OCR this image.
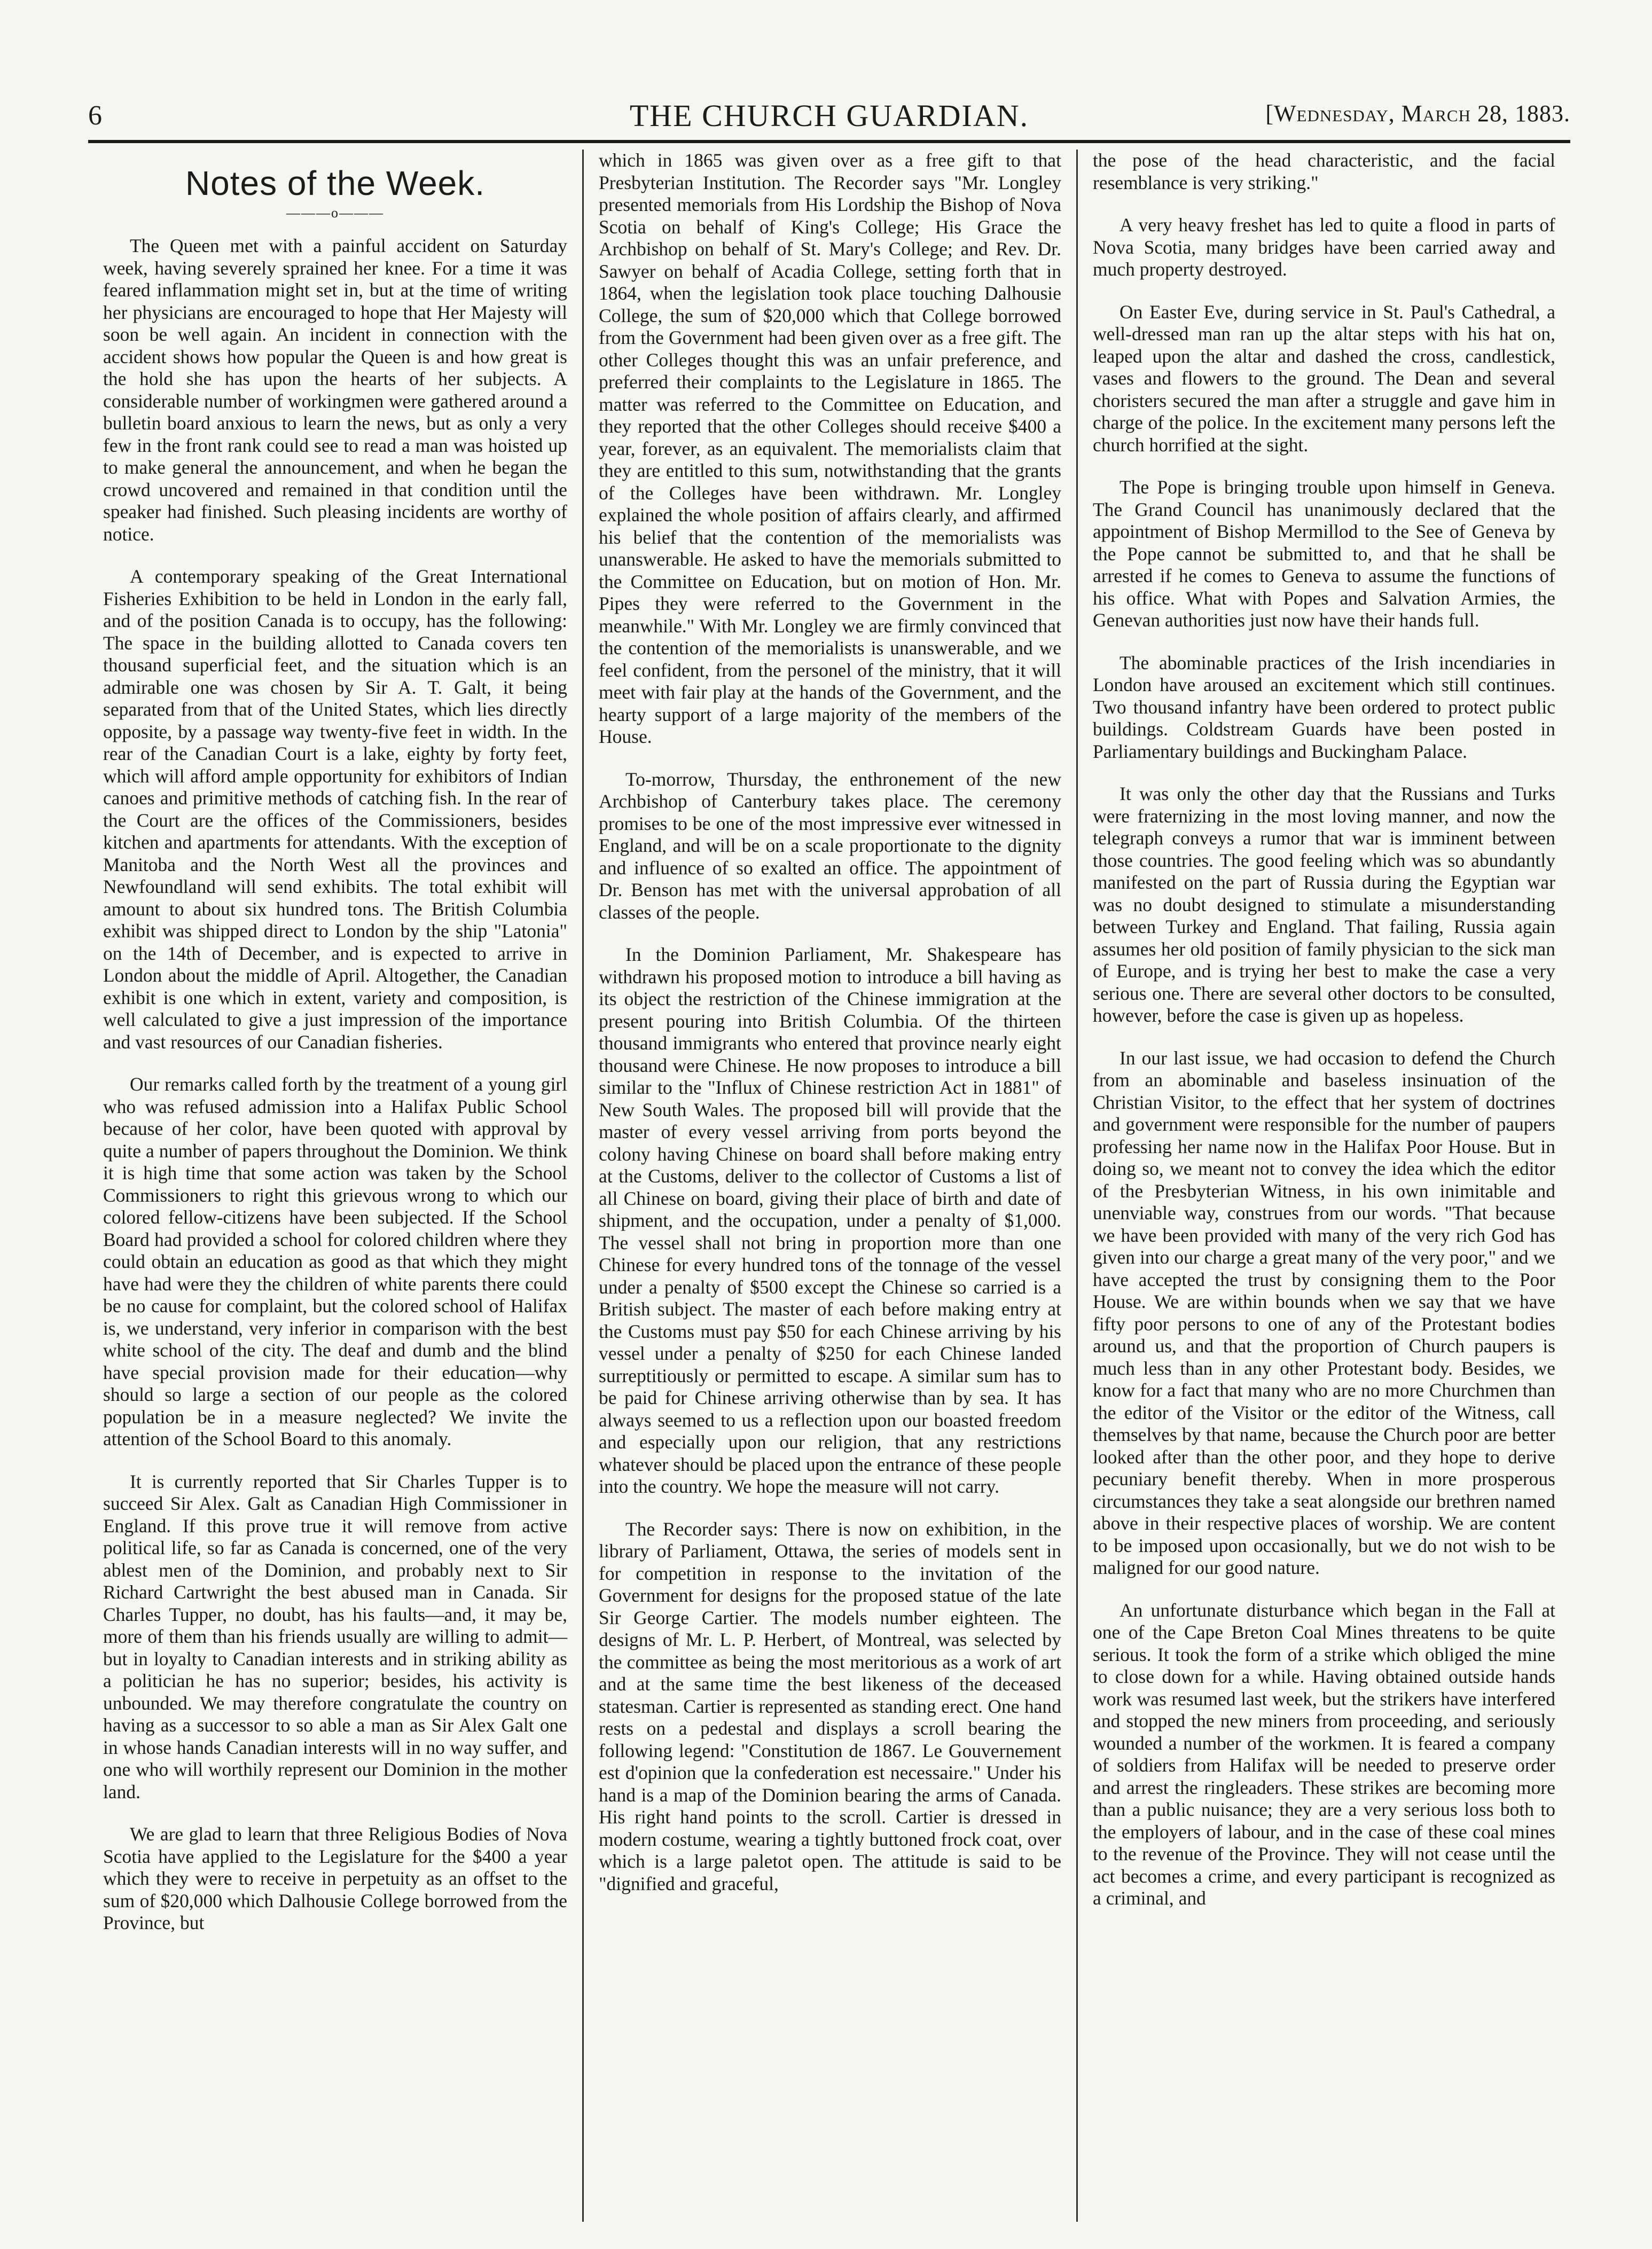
6	THE CHURCH GUARDIAN.	[Wednesday, March 28, 1883.
Notes of the Week.
———o———

The Queen met with a painful accident on Saturday week, having severely sprained her knee. For a time it was feared inflammation might set in, but at the time of writing her physicians are encouraged to hope that Her Majesty will soon be well again. An incident in connection with the accident shows how popular the Queen is and how great is the hold she has upon the hearts of her subjects. A considerable number of workingmen were gathered around a bulletin board anxious to learn the news, but as only a very few in the front rank could see to read a man was hoisted up to make general the announcement, and when he began the crowd uncovered and remained in that condition until the speaker had finished. Such pleasing incidents are worthy of notice.

A contemporary speaking of the Great International Fisheries Exhibition to be held in London in the early fall, and of the position Canada is to occupy, has the following: The space in the building allotted to Canada covers ten thousand superficial feet, and the situation which is an admirable one was chosen by Sir A. T. Galt, it being separated from that of the United States, which lies directly opposite, by a passage way twenty-five feet in width. In the rear of the Canadian Court is a lake, eighty by forty feet, which will afford ample opportunity for exhibitors of Indian canoes and primitive methods of catching fish. In the rear of the Court are the offices of the Commissioners, besides kitchen and apartments for attendants. With the exception of Manitoba and the North West all the provinces and Newfoundland will send exhibits. The total exhibit will amount to about six hundred tons. The British Columbia exhibit was shipped direct to London by the ship "Latonia" on the 14th of December, and is expected to arrive in London about the middle of April. Altogether, the Canadian exhibit is one which in extent, variety and composition, is well calculated to give a just impression of the importance and vast resources of our Canadian fisheries.

Our remarks called forth by the treatment of a young girl who was refused admission into a Halifax Public School because of her color, have been quoted with approval by quite a number of papers throughout the Dominion. We think it is high time that some action was taken by the School Commissioners to right this grievous wrong to which our colored fellow-citizens have been subjected. If the School Board had provided a school for colored children where they could obtain an education as good as that which they might have had were they the children of white parents there could be no cause for complaint, but the colored school of Halifax is, we understand, very inferior in comparison with the best white school of the city. The deaf and dumb and the blind have special provision made for their education—why should so large a section of our people as the colored population be in a measure neglected? We invite the attention of the School Board to this anomaly.

It is currently reported that Sir Charles Tupper is to succeed Sir Alex. Galt as Canadian High Commissioner in England. If this prove true it will remove from active political life, so far as Canada is concerned, one of the very ablest men of the Dominion, and probably next to Sir Richard Cartwright the best abused man in Canada. Sir Charles Tupper, no doubt, has his faults—and, it may be, more of them than his friends usually are willing to admit—but in loyalty to Canadian interests and in striking ability as a politician he has no superior; besides, his activity is unbounded. We may therefore congratulate the country on having as a successor to so able a man as Sir Alex Galt one in whose hands Canadian interests will in no way suffer, and one who will worthily represent our Dominion in the mother land.

We are glad to learn that three Religious Bodies of Nova Scotia have applied to the Legislature for the $400 a year which they were to receive in perpetuity as an offset to the sum of $20,000 which Dalhousie College borrowed from the Province, but

which in 1865 was given over as a free gift to that Presbyterian Institution. The Recorder says "Mr. Longley presented memorials from His Lordship the Bishop of Nova Scotia on behalf of King's College; His Grace the Archbishop on behalf of St. Mary's College; and Rev. Dr. Sawyer on behalf of Acadia College, setting forth that in 1864, when the legislation took place touching Dalhousie College, the sum of $20,000 which that College borrowed from the Government had been given over as a free gift. The other Colleges thought this was an unfair preference, and preferred their complaints to the Legislature in 1865. The matter was referred to the Committee on Education, and they reported that the other Colleges should receive $400 a year, forever, as an equivalent. The memorialists claim that they are entitled to this sum, notwithstanding that the grants of the Colleges have been withdrawn. Mr. Longley explained the whole position of affairs clearly, and affirmed his belief that the contention of the memorialists was unanswerable. He asked to have the memorials submitted to the Committee on Education, but on motion of Hon. Mr. Pipes they were referred to the Government in the meanwhile." With Mr. Longley we are firmly convinced that the contention of the memorialists is unanswerable, and we feel confident, from the personel of the ministry, that it will meet with fair play at the hands of the Government, and the hearty support of a large majority of the members of the House.

To-morrow, Thursday, the enthronement of the new Archbishop of Canterbury takes place. The ceremony promises to be one of the most impressive ever witnessed in England, and will be on a scale proportionate to the dignity and influence of so exalted an office. The appointment of Dr. Benson has met with the universal approbation of all classes of the people.

In the Dominion Parliament, Mr. Shakespeare has withdrawn his proposed motion to introduce a bill having as its object the restriction of the Chinese immigration at the present pouring into British Columbia. Of the thirteen thousand immigrants who entered that province nearly eight thousand were Chinese. He now proposes to introduce a bill similar to the "Influx of Chinese restriction Act in 1881" of New South Wales. The proposed bill will provide that the master of every vessel arriving from ports beyond the colony having Chinese on board shall before making entry at the Customs, deliver to the collector of Customs a list of all Chinese on board, giving their place of birth and date of shipment, and the occupation, under a penalty of $1,000. The vessel shall not bring in proportion more than one Chinese for every hundred tons of the tonnage of the vessel under a penalty of $500 except the Chinese so carried is a British subject. The master of each before making entry at the Customs must pay $50 for each Chinese arriving by his vessel under a penalty of $250 for each Chinese landed surreptitiously or permitted to escape. A similar sum has to be paid for Chinese arriving otherwise than by sea. It has always seemed to us a reflection upon our boasted freedom and especially upon our religion, that any restrictions whatever should be placed upon the entrance of these people into the country. We hope the measure will not carry.

The Recorder says: There is now on exhibition, in the library of Parliament, Ottawa, the series of models sent in for competition in response to the invitation of the Government for designs for the proposed statue of the late Sir George Cartier. The models number eighteen. The designs of Mr. L. P. Herbert, of Montreal, was selected by the committee as being the most meritorious as a work of art and at the same time the best likeness of the deceased statesman. Cartier is represented as standing erect. One hand rests on a pedestal and displays a scroll bearing the following legend: "Constitution de 1867. Le Gouvernement est d'opinion que la confederation est necessaire." Under his hand is a map of the Dominion bearing the arms of Canada. His right hand points to the scroll. Cartier is dressed in modern costume, wearing a tightly buttoned frock coat, over which is a large paletot open. The attitude is said to be "dignified and graceful,

the pose of the head characteristic, and the facial resemblance is very striking."

A very heavy freshet has led to quite a flood in parts of Nova Scotia, many bridges have been carried away and much property destroyed.

On Easter Eve, during service in St. Paul's Cathedral, a well-dressed man ran up the altar steps with his hat on, leaped upon the altar and dashed the cross, candlestick, vases and flowers to the ground. The Dean and several choristers secured the man after a struggle and gave him in charge of the police. In the excitement many persons left the church horrified at the sight.

The Pope is bringing trouble upon himself in Geneva. The Grand Council has unanimously declared that the appointment of Bishop Mermillod to the See of Geneva by the Pope cannot be submitted to, and that he shall be arrested if he comes to Geneva to assume the functions of his office. What with Popes and Salvation Armies, the Genevan authorities just now have their hands full.

The abominable practices of the Irish incendiaries in London have aroused an excitement which still continues. Two thousand infantry have been ordered to protect public buildings. Coldstream Guards have been posted in Parliamentary buildings and Buckingham Palace.

It was only the other day that the Russians and Turks were fraternizing in the most loving manner, and now the telegraph conveys a rumor that war is imminent between those countries. The good feeling which was so abundantly manifested on the part of Russia during the Egyptian war was no doubt designed to stimulate a misunderstanding between Turkey and England. That failing, Russia again assumes her old position of family physician to the sick man of Europe, and is trying her best to make the case a very serious one. There are several other doctors to be consulted, however, before the case is given up as hopeless.

In our last issue, we had occasion to defend the Church from an abominable and baseless insinuation of the Christian Visitor, to the effect that her system of doctrines and government were responsible for the number of paupers professing her name now in the Halifax Poor House. But in doing so, we meant not to convey the idea which the editor of the Presbyterian Witness, in his own inimitable and unenviable way, construes from our words. "That because we have been provided with many of the very rich God has given into our charge a great many of the very poor," and we have accepted the trust by consigning them to the Poor House. We are within bounds when we say that we have fifty poor persons to one of any of the Protestant bodies around us, and that the proportion of Church paupers is much less than in any other Protestant body. Besides, we know for a fact that many who are no more Churchmen than the editor of the Visitor or the editor of the Witness, call themselves by that name, because the Church poor are better looked after than the other poor, and they hope to derive pecuniary benefit thereby. When in more prosperous circumstances they take a seat alongside our brethren named above in their respective places of worship. We are content to be imposed upon occasionally, but we do not wish to be maligned for our good nature.

An unfortunate disturbance which began in the Fall at one of the Cape Breton Coal Mines threatens to be quite serious. It took the form of a strike which obliged the mine to close down for a while. Having obtained outside hands work was resumed last week, but the strikers have interfered and stopped the new miners from proceeding, and seriously wounded a number of the workmen. It is feared a company of soldiers from Halifax will be needed to preserve order and arrest the ringleaders. These strikes are becoming more than a public nuisance; they are a very serious loss both to the employers of labour, and in the case of these coal mines to the revenue of the Province. They will not cease until the act becomes a crime, and every participant is recognized as a criminal, and
